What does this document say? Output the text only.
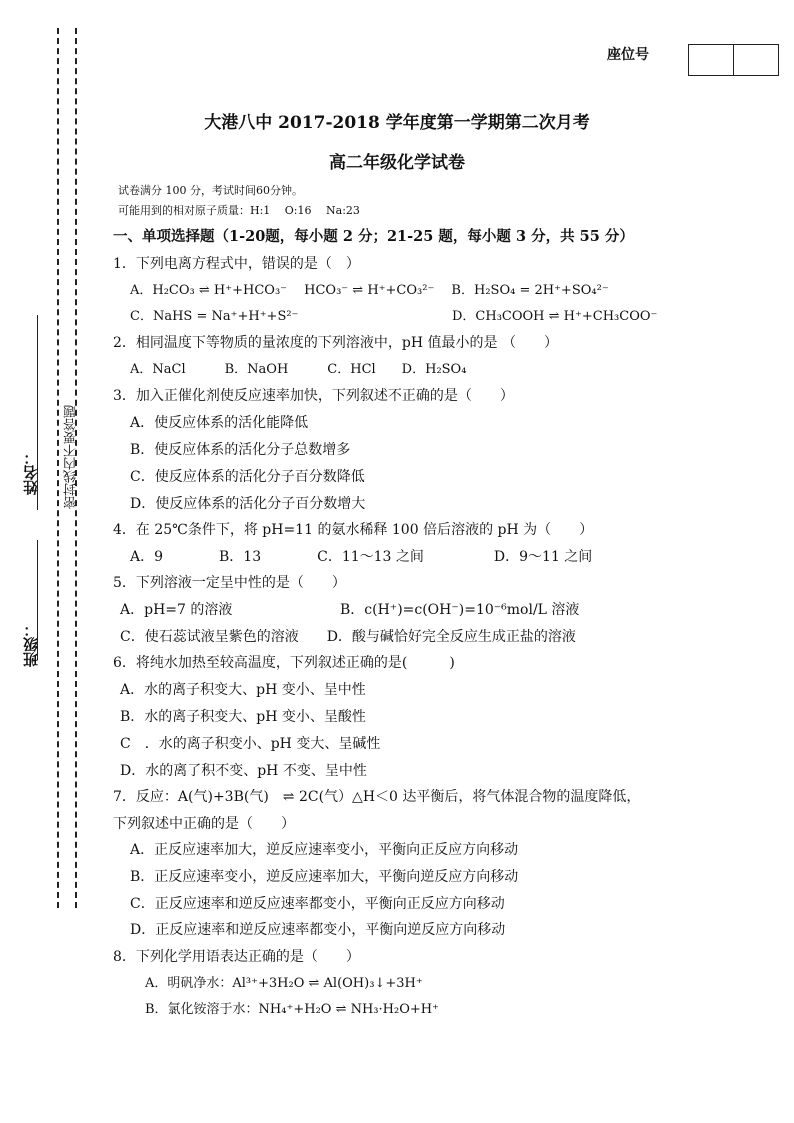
姓名：
班级：
密封线内不要答题
座位号
大港八中 2017-2018 学年度第一学期第二次月考
高二年级化学试卷
试卷满分 100 分，考试时间60分钟。
可能用到的相对原子质量：H:1　 O:16　 Na:23
一、单项选择题（1-20题，每小题 2 分；21-25 题，每小题 3 分，共 55 分）
1．下列电离方程式中，错误的是（　）
A．H₂CO₃ ⇌ H⁺+HCO₃⁻　 HCO₃⁻ ⇌ H⁺+CO₃²⁻　 B．H₂SO₄ = 2H⁺+SO₄²⁻
C．NaHS = Na⁺+H⁺+S²⁻	D．CH₃COOH ⇌ H⁺+CH₃COO⁻
2．相同温度下等物质的量浓度的下列溶液中，pH 值最小的是 （　　）
A．NaCl　　　B．NaOH　　　C．HCl　　D．H₂SO₄
3．加入正催化剂使反应速率加快，下列叙述不正确的是（　　）
A．使反应体系的活化能降低
B．使反应体系的活化分子总数增多
C．使反应体系的活化分子百分数降低
D．使反应体系的活化分子百分数增大
4．在 25℃条件下，将 pH=11 的氨水稀释 100 倍后溶液的 pH 为（　　）
A．9　　　　B．13　　　　C．11～13 之间　　　　　D．9～11 之间
5．下列溶液一定呈中性的是（　　）
A．pH=7 的溶液	B．c(H⁺)=c(OH⁻)=10⁻⁶mol/L 溶液
C．使石蕊试液呈紫色的溶液　　D．酸与碱恰好完全反应生成正盐的溶液
6．将纯水加热至较高温度，下列叙述正确的是(　　　)
A．水的离子积变大、pH 变小、呈中性
B．水的离子积变大、pH 变小、呈酸性
C　．水的离子积变小、pH 变大、呈碱性
D．水的离了积不变、pH 不变、呈中性
7．反应：A(气)+3B(气)　⇌ 2C(气）△H＜0 达平衡后，将气体混合物的温度降低，
下列叙述中正确的是（　　）
A．正反应速率加大，逆反应速率变小，平衡向正反应方向移动
B．正反应速率变小，逆反应速率加大，平衡向逆反应方向移动
C．正反应速率和逆反应速率都变小，平衡向正反应方向移动
D．正反应速率和逆反应速率都变小，平衡向逆反应方向移动
8．下列化学用语表达正确的是（　　）
A．明矾净水：Al³⁺+3H₂O ⇌ Al(OH)₃↓+3H⁺
B．氯化铵溶于水：NH₄⁺+H₂O ⇌ NH₃·H₂O+H⁺
